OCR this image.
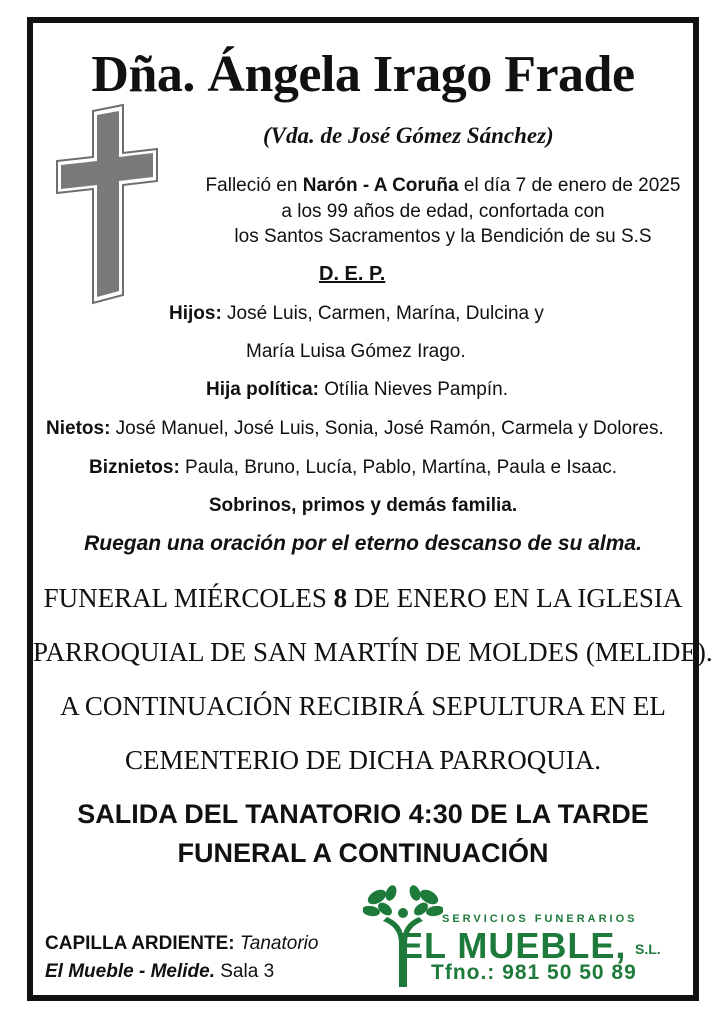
Dña. Ángela Irago Frade
(Vda. de José Gómez Sánchez)
Falleció en Narón - A Coruña el día 7 de enero de 2025
a los 99 años de edad, confortada con
los Santos Sacramentos y la Bendición de su S.S
D. E. P.
Hijos: José Luis, Carmen, Marína, Dulcina y
María Luisa Gómez Irago.
Hija política: Otília Nieves Pampín.
Nietos: José Manuel, José Luis, Sonia, José Ramón, Carmela y Dolores.
Biznietos: Paula, Bruno, Lucía, Pablo, Martína, Paula e Isaac.
Sobrinos, primos y demás familia.
Ruegan una oración por el eterno descanso de su alma.
FUNERAL MIÉRCOLES 8 DE ENERO EN LA IGLESIA
PARROQUIAL DE SAN MARTÍN DE MOLDES (MELIDE).
A CONTINUACIÓN RECIBIRÁ SEPULTURA EN EL
CEMENTERIO DE DICHA PARROQUIA.
SALIDA DEL TANATORIO 4:30 DE LA TARDE
FUNERAL A CONTINUACIÓN
CAPILLA ARDIENTE: Tanatorio
El Mueble - Melide. Sala 3
SERVICIOS FUNERARIOS
EL MUEBLE, S.L.
Tfno.: 981 50 50 89
